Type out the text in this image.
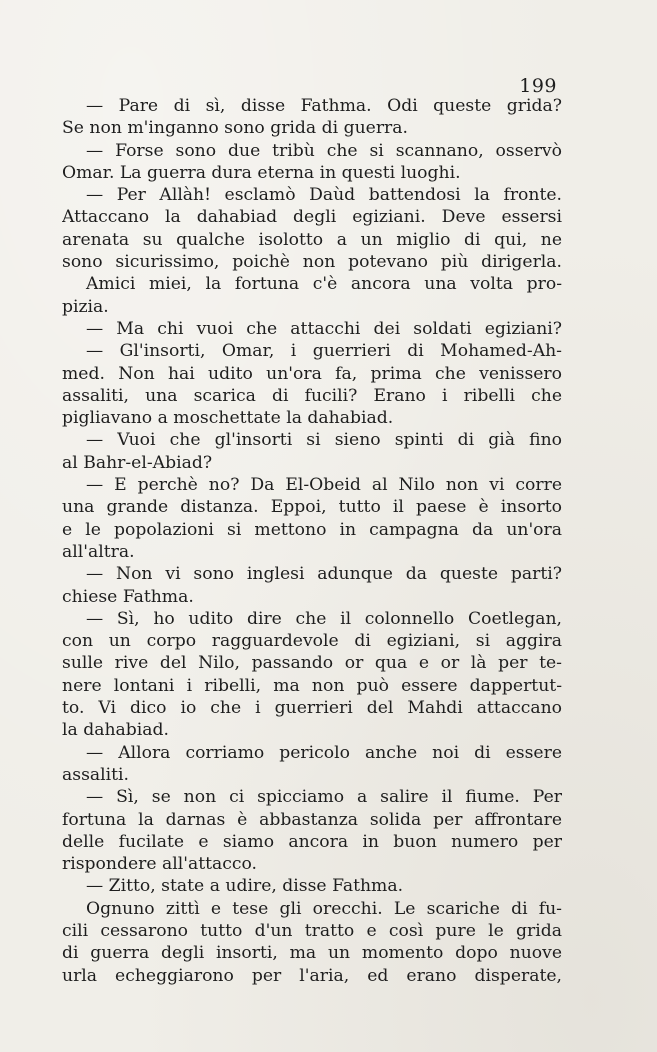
199
— Pare di sì, disse Fathma. Odi queste grida?
Se non m'inganno sono grida di guerra.
— Forse sono due tribù che si scannano, osservò
Omar. La guerra dura eterna in questi luoghi.
— Per Allàh! esclamò Daùd battendosi la fronte.
Attaccano la dahabiad degli egiziani. Deve essersi
arenata su qualche isolotto a un miglio di qui, ne
sono sicurissimo, poichè non potevano più dirigerla.
Amici miei, la fortuna c'è ancora una volta pro-
pizia.
— Ma chi vuoi che attacchi dei soldati egiziani?
— Gl'insorti, Omar, i guerrieri di Mohamed-Ah-
med. Non hai udito un'ora fa, prima che venissero
assaliti, una scarica di fucili? Erano i ribelli che
pigliavano a moschettate la dahabiad.
— Vuoi che gl'insorti si sieno spinti di già fino
al Bahr-el-Abiad?
— E perchè no? Da El-Obeid al Nilo non vi corre
una grande distanza. Eppoi, tutto il paese è insorto
e le popolazioni si mettono in campagna da un'ora
all'altra.
— Non vi sono inglesi adunque da queste parti?
chiese Fathma.
— Sì, ho udito dire che il colonnello Coetlegan,
con un corpo ragguardevole di egiziani, si aggira
sulle rive del Nilo, passando or qua e or là per te-
nere lontani i ribelli, ma non può essere dappertut-
to. Vi dico io che i guerrieri del Mahdi attaccano
la dahabiad.
— Allora corriamo pericolo anche noi di essere
assaliti.
— Sì, se non ci spicciamo a salire il fiume. Per
fortuna la darnas è abbastanza solida per affrontare
delle fucilate e siamo ancora in buon numero per
rispondere all'attacco.
— Zitto, state a udire, disse Fathma.
Ognuno zittì e tese gli orecchi. Le scariche di fu-
cili cessarono tutto d'un tratto e così pure le grida
di guerra degli insorti, ma un momento dopo nuove
urla echeggiarono per l'aria, ed erano disperate,
